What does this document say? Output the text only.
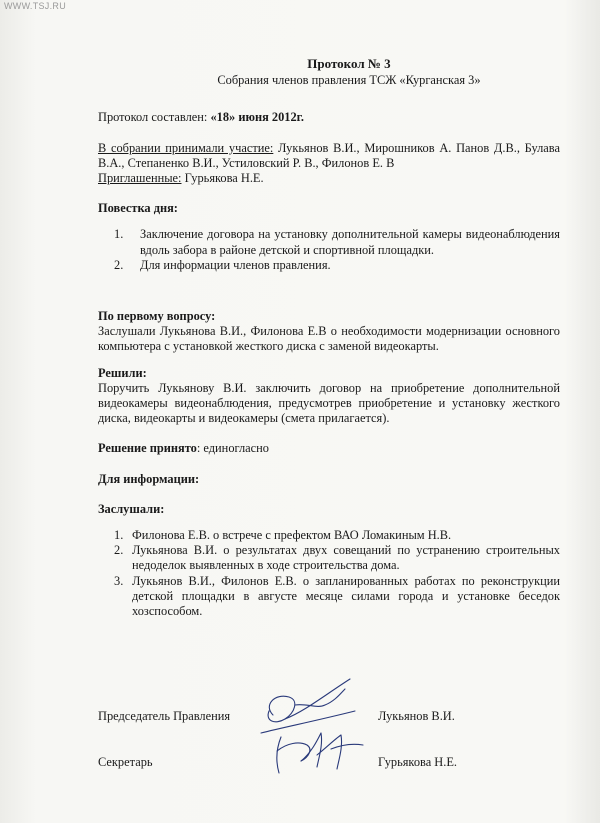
WWW.TSJ.RU
Протокол № 3
Собрания членов правления ТСЖ «Курганская 3»

Протокол составлен: «18» июня 2012г.

В собрании принимали участие: Лукьянов В.И., Мирошников А. Панов Д.В., Булава В.А., Степаненко В.И., Устиловский Р. В., Филонов Е. В

Приглашенные: Гурьякова Н.Е.

Повестка дня:

1. Заключение договора на установку дополнительной камеры видеонаблюдения вдоль забора в районе детской и спортивной площадки.
2. Для информации членов правления.

По первому вопросу:

Заслушали Лукьянова В.И., Филонова Е.В о необходимости модернизации основного компьютера с установкой жесткого диска с заменой видеокарты.

Решили:

Поручить Лукьянову В.И. заключить договор на приобретение дополнительной видеокамеры видеонаблюдения, предусмотрев приобретение и установку жесткого диска, видеокарты и видеокамеры (смета прилагается).

Решение принято: единогласно

Для информации:

Заслушали:

1. Филонова Е.В. о встрече с префектом ВАО Ломакиным Н.В.
2. Лукьянова В.И. о результатах двух совещаний по устранению строительных недоделок выявленных в ходе строительства дома.
3. Лукьянов В.И., Филонов Е.В. о запланированных работах по реконструкции детской площадки в августе месяце силами города и установке беседок хозспособом.
Председатель Правления	Лукьянов В.И.
Секретарь	Гурьякова Н.Е.
